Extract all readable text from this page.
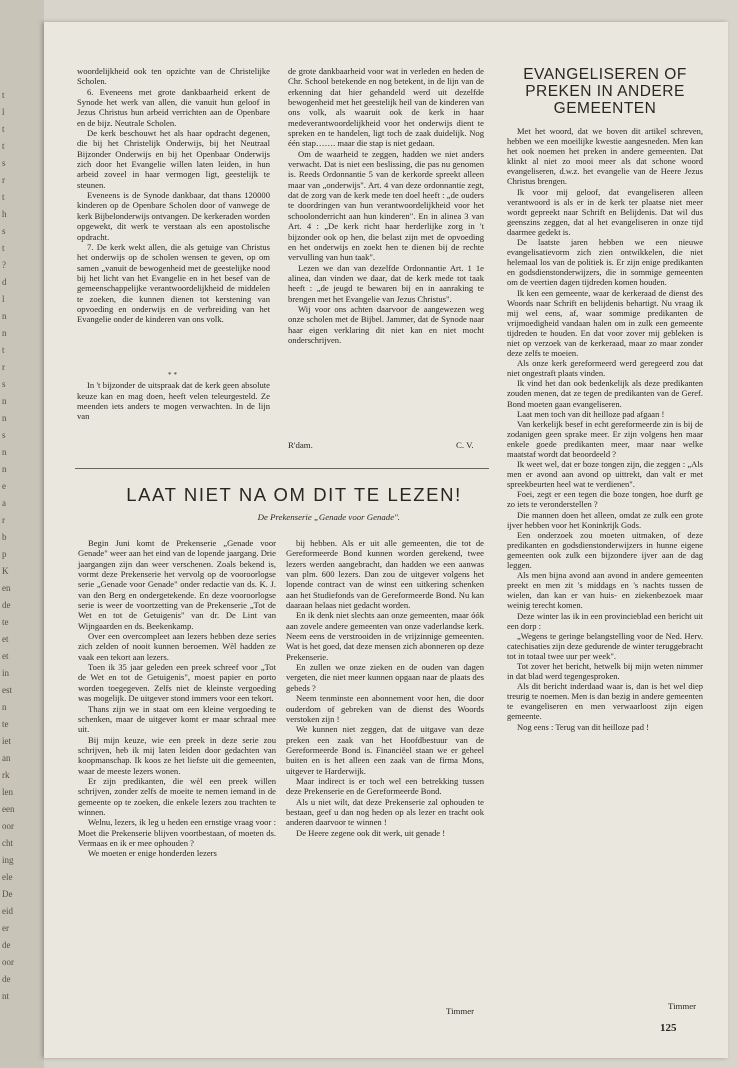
t
l
t
t
s
r
t
h
s
t
?
d
l
n
n
t
r
s
n
n
s
n
n
e
a
r
b
p
K
en
de
te
et
et
in
est
n
te
iet
an
rk
len
een
oor
cht
ing
ele
De
eid
er
de
oor
de
nt

woordelijkheid ook ten opzichte van de Christelijke Scholen.

6. Eveneens met grote dankbaarheid erkent de Synode het werk van allen, die vanuit hun geloof in Jezus Christus hun arbeid verrichten aan de Openbare en de bijz. Neutrale Scholen.

De kerk beschouwt het als haar opdracht degenen, die bij het Christelijk Onderwijs, bij het Neutraal Bijzonder Onderwijs en bij het Openbaar Onderwijs zich door het Evangelie willen laten leiden, in hun arbeid zoveel in haar vermogen ligt, geestelijk te steunen.

Eveneens is de Synode dankbaar, dat thans 120000 kinderen op de Openbare Scholen door of vanwege de kerk Bijbelonderwijs ontvangen. De kerkeraden worden opgewekt, dit werk te verstaan als een apostolische opdracht.

7. De kerk wekt allen, die als getuige van Christus het onderwijs op de scholen wensen te geven, op om samen „vanuit de bewogenheid met de geestelijke nood bij het licht van het Evangelie en in het besef van de gemeenschappelijke verantwoordelijkheid de middelen te zoeken, die kunnen dienen tot kerstening van opvoeding en onderwijs en de verbreiding van het Evangelie onder de kinderen van ons volk.

**

In 't bijzonder de uitspraak dat de kerk geen absolute keuze kan en mag doen, heeft velen teleurgesteld. Ze meenden iets anders te mogen verwachten. In de lijn van

de grote dankbaarheid voor wat in verleden en heden de Chr. School betekende en nog betekent, in de lijn van de erkenning dat hier gehandeld werd uit dezelfde bewogenheid met het geestelijk heil van de kinderen van ons volk, als waaruit ook de kerk in haar medeverantwoordelijkheid voor het onderwijs dient te spreken en te handelen, ligt toch de zaak duidelijk. Nog één stap……. maar die stap is niet gedaan.

Om de waarheid te zeggen, hadden we niet anders verwacht. Dat is niet een beslissing, die pas nu genomen is. Reeds Ordonnantie 5 van de kerkorde spreekt alleen maar van „onderwijs". Art. 4 van deze ordonnantie zegt, dat de zorg van de kerk mede ten doel heeft : „de ouders te doordringen van hun verantwoordelijkheid voor het schoolonderricht aan hun kinderen". En in alinea 3 van Art. 4 : „De kerk richt haar herderlijke zorg in 't bijzonder ook op hen, die belast zijn met de opvoeding en het onderwijs en zoekt hen te dienen bij de rechte vervulling van hun taak".

Lezen we dan van dezelfde Ordonnantie Art. 1 1e alinea, dan vinden we daar, dat de kerk mede tot taak heeft : „de jeugd te bewaren bij en in aanraking te brengen met het Evangelie van Jezus Christus".

Wij voor ons achten daarvoor de aangewezen weg onze scholen met de Bijbel. Jammer, dat de Synode naar haar eigen verklaring dit niet kan en niet mocht onderschrijven.

R'dam.	C. V.
EVANGELISEREN OF PREKEN IN ANDERE GEMEENTEN

Met het woord, dat we boven dit artikel schreven, hebben we een moeilijke kwestie aangesneden. Men kan het ook noemen het preken in andere gemeenten. Dat klinkt al niet zo mooi meer als dat schone woord evangeliseren, d.w.z. het evangelie van de Heere Jezus Christus brengen.

Ik voor mij geloof, dat evangeliseren alleen verantwoord is als er in de kerk ter plaatse niet meer wordt gepreekt naar Schrift en Belijdenis. Dat wil dus geenszins zeggen, dat al het evangeliseren in onze tijd daarmee gedekt is.

De laatste jaren hebben we een nieuwe evangelisatievorm zich zien ontwikkelen, die niet helemaal los van de politiek is. Er zijn enige predikanten en godsdienstonderwijzers, die in sommige gemeenten om de veertien dagen tijdreden komen houden.

Ik ken een gemeente, waar de kerkeraad de dienst des Woords naar Schrift en belijdenis behartigt. Nu vraag ik mij wel eens, af, waar sommige predikanten de vrijmoedigheid vandaan halen om in zulk een gemeente tijdreden te houden. En dat voor zover mij gebleken is niet op verzoek van de kerkeraad, maar zo maar zonder deze zelfs te moeien.

Als onze kerk gereformeerd werd geregeerd zou dat niet ongestraft plaats vinden.

Ik vind het dan ook bedenkelijk als deze predikanten zouden menen, dat ze tegen de predikanten van de Geref. Bond moeten gaan evangeliseren.

Laat men toch van dit heilloze pad afgaan !

Van kerkelijk besef in echt gereformeerde zin is bij de zodanigen geen sprake meer. Er zijn volgens hen maar enkele goede predikanten meer, maar naar welke maatstaf wordt dat beoordeeld ?

Ik weet wel, dat er boze tongen zijn, die zeggen : „Als men er avond aan avond op uittrekt, dan valt er met spreekbeurten heel wat te verdienen".

Foei, zegt er een tegen die boze tongen, hoe durft ge zo iets te veronderstellen ?

Die mannen doen het alleen, omdat ze zulk een grote ijver hebben voor het Koninkrijk Gods.

Een onderzoek zou moeten uitmaken, of deze predikanten en godsdienstonderwijzers in hunne eigene gemeenten ook zulk een bijzondere ijver aan de dag leggen.

Als men bijna avond aan avond in andere gemeenten preekt en men zit 's middags en 's nachts tussen de wielen, dan kan er van huis- en ziekenbezoek maar weinig terecht komen.

Deze winter las ik in een provincieblad een bericht uit een dorp :

„Wegens te geringe belangstelling voor de Ned. Herv. catechisaties zijn deze gedurende de winter teruggebracht tot in totaal twee uur per week".

Tot zover het bericht, hetwelk bij mijn weten nimmer in dat blad werd tegengesproken.

Als dit bericht inderdaad waar is, dan is het wel diep treurig te noemen. Men is dan bezig in andere gemeenten te evangeliseren en men verwaarloost zijn eigen gemeente.

Nog eens : Terug van dit heilloze pad !

Timmer
LAAT NIET NA OM DIT TE LEZEN!
De Prekenserie „Genade voor Genade".

Begin Juni komt de Prekenserie „Genade voor Genade" weer aan het eind van de lopende jaargang. Drie jaargangen zijn dan weer verschenen. Zoals bekend is, vormt deze Prekenserie het vervolg op de vooroorlogse serie „Genade voor Genade" onder redactie van ds. K. J. van den Berg en ondergetekende. En deze vooroorlogse serie is weer de voortzetting van de Prekenserie „Tot de Wet en tot de Getuigenis" van dr. De Lint van Wijngaarden en ds. Beekenkamp.

Over een overcompleet aan lezers hebben deze series zich zelden of nooit kunnen beroemen. Wèl hadden ze vaak een tekort aan lezers.

Toen ik 35 jaar geleden een preek schreef voor „Tot de Wet en tot de Getuigenis", moest papier en porto worden toegegeven. Zelfs niet de kleinste vergoeding was mogelijk. De uitgever stond immers voor een tekort.

Thans zijn we in staat om een kleine vergoeding te schenken, maar de uitgever komt er maar schraal mee uit.

Bij mijn keuze, wie een preek in deze serie zou schrijven, heb ik mij laten leiden door gedachten van koopmanschap. Ik koos ze het liefste uit die gemeenten, waar de meeste lezers wonen.

Er zijn predikanten, die wèl een preek willen schrijven, zonder zelfs de moeite te nemen iemand in de gemeente op te zoeken, die enkele lezers zou trachten te winnen.

Welnu, lezers, ik leg u heden een ernstige vraag voor : Moet die Prekenserie blijven voortbestaan, of moeten ds. Vermaas en ik er mee ophouden ?

We moeten er enige honderden lezers

bij hebben. Als er uit alle gemeenten, die tot de Gereformeerde Bond kunnen worden gerekend, twee lezers werden aangebracht, dan hadden we een aanwas van plm. 600 lezers. Dan zou de uitgever volgens het lopende contract van de winst een uitkering schenken aan het Studiefonds van de Gereformeerde Bond. Nu kan daaraan helaas niet gedacht worden.

En ik denk niet slechts aan onze gemeenten, maar óók aan zovele andere gemeenten van onze vaderlandse kerk. Neem eens de verstrooiden in de vrijzinnige gemeenten. Wat is het goed, dat deze mensen zich abonneren op deze Prekenserie.

En zullen we onze zieken en de ouden van dagen vergeten, die niet meer kunnen opgaan naar de plaats des gebeds ?

Neem tenminste een abonnement voor hen, die door ouderdom of gebreken van de dienst des Woords verstoken zijn !

We kunnen niet zeggen, dat de uitgave van deze preken een zaak van het Hoofdbestuur van de Gereformeerde Bond is. Financiëel staan we er geheel buiten en is het alleen een zaak van de firma Mons, uitgever te Harderwijk.

Maar indirect is er toch wel een betrekking tussen deze Prekenserie en de Gereformeerde Bond.

Als u niet wilt, dat deze Prekenserie zal ophouden te bestaan, geef u dan nog heden op als lezer en tracht ook anderen daarvoor te winnen !

De Heere zegene ook dit werk, uit genade !

Timmer
125
